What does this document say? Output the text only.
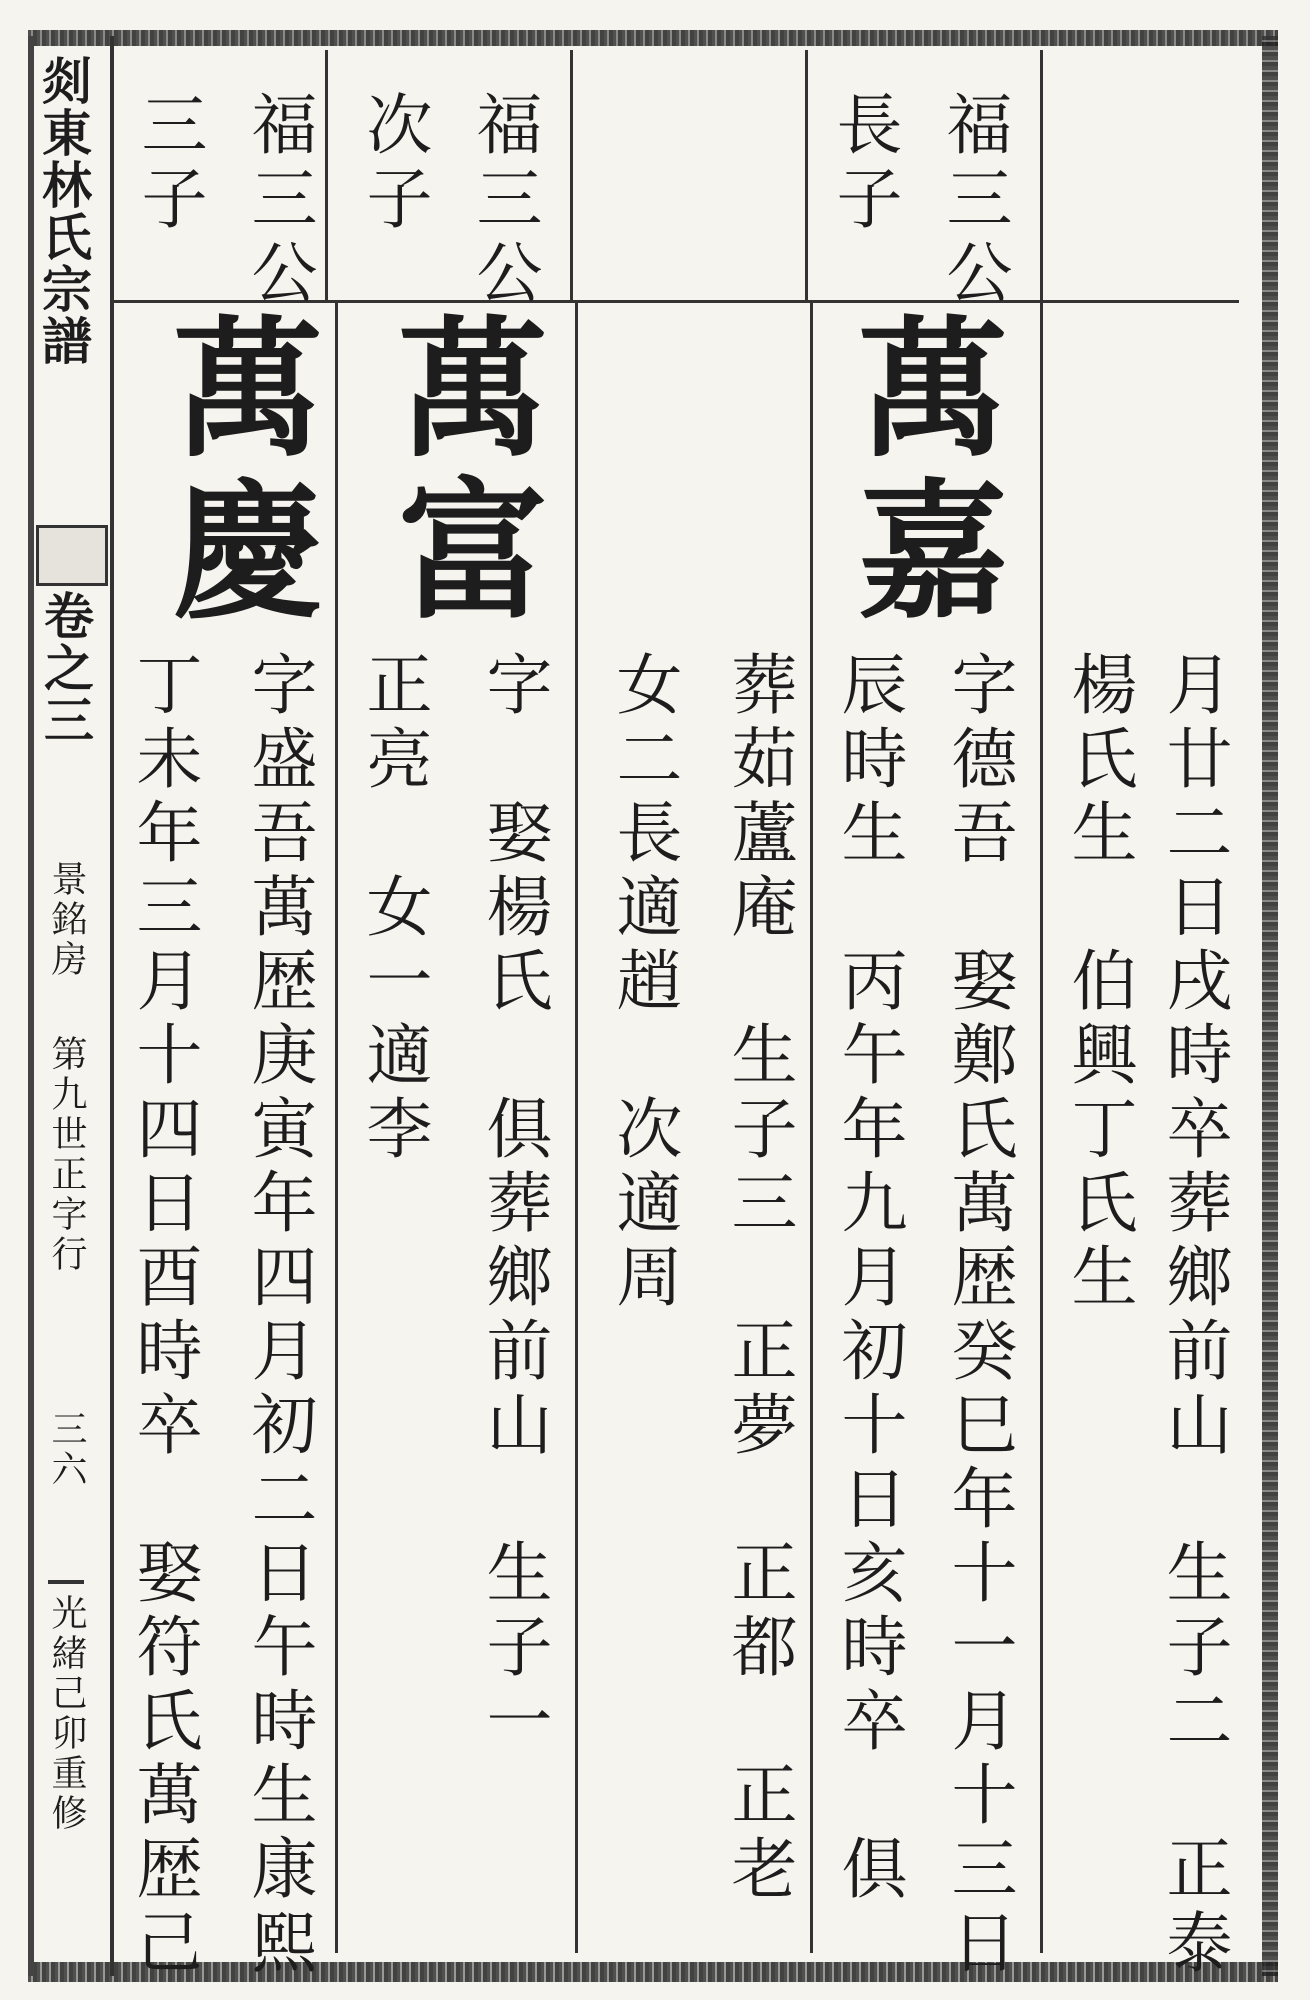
剡東林氏宗譜
卷之三
景銘房
第九世正字行
三六
光緒己卯重修
福三公
長子
福三公
次子
福三公
三子
月廿二日戌時卒葬鄉前山　生子二　正泰
楊氏生　伯興丁氏生
萬嘉
字德吾　娶鄭氏萬歴癸巳年十一月十三日
辰時生　丙午年九月初十日亥時卒　俱
葬茹蘆庵　生子三　正夢　正都　正老
女二長適趙　次適周
萬富
字　娶楊氏　俱葬鄉前山　生子一
正亮　女一適李
萬慶
字盛吾萬歴庚寅年四月初二日午時生康熙
丁未年三月十四日酉時卒　娶符氏萬歴己
